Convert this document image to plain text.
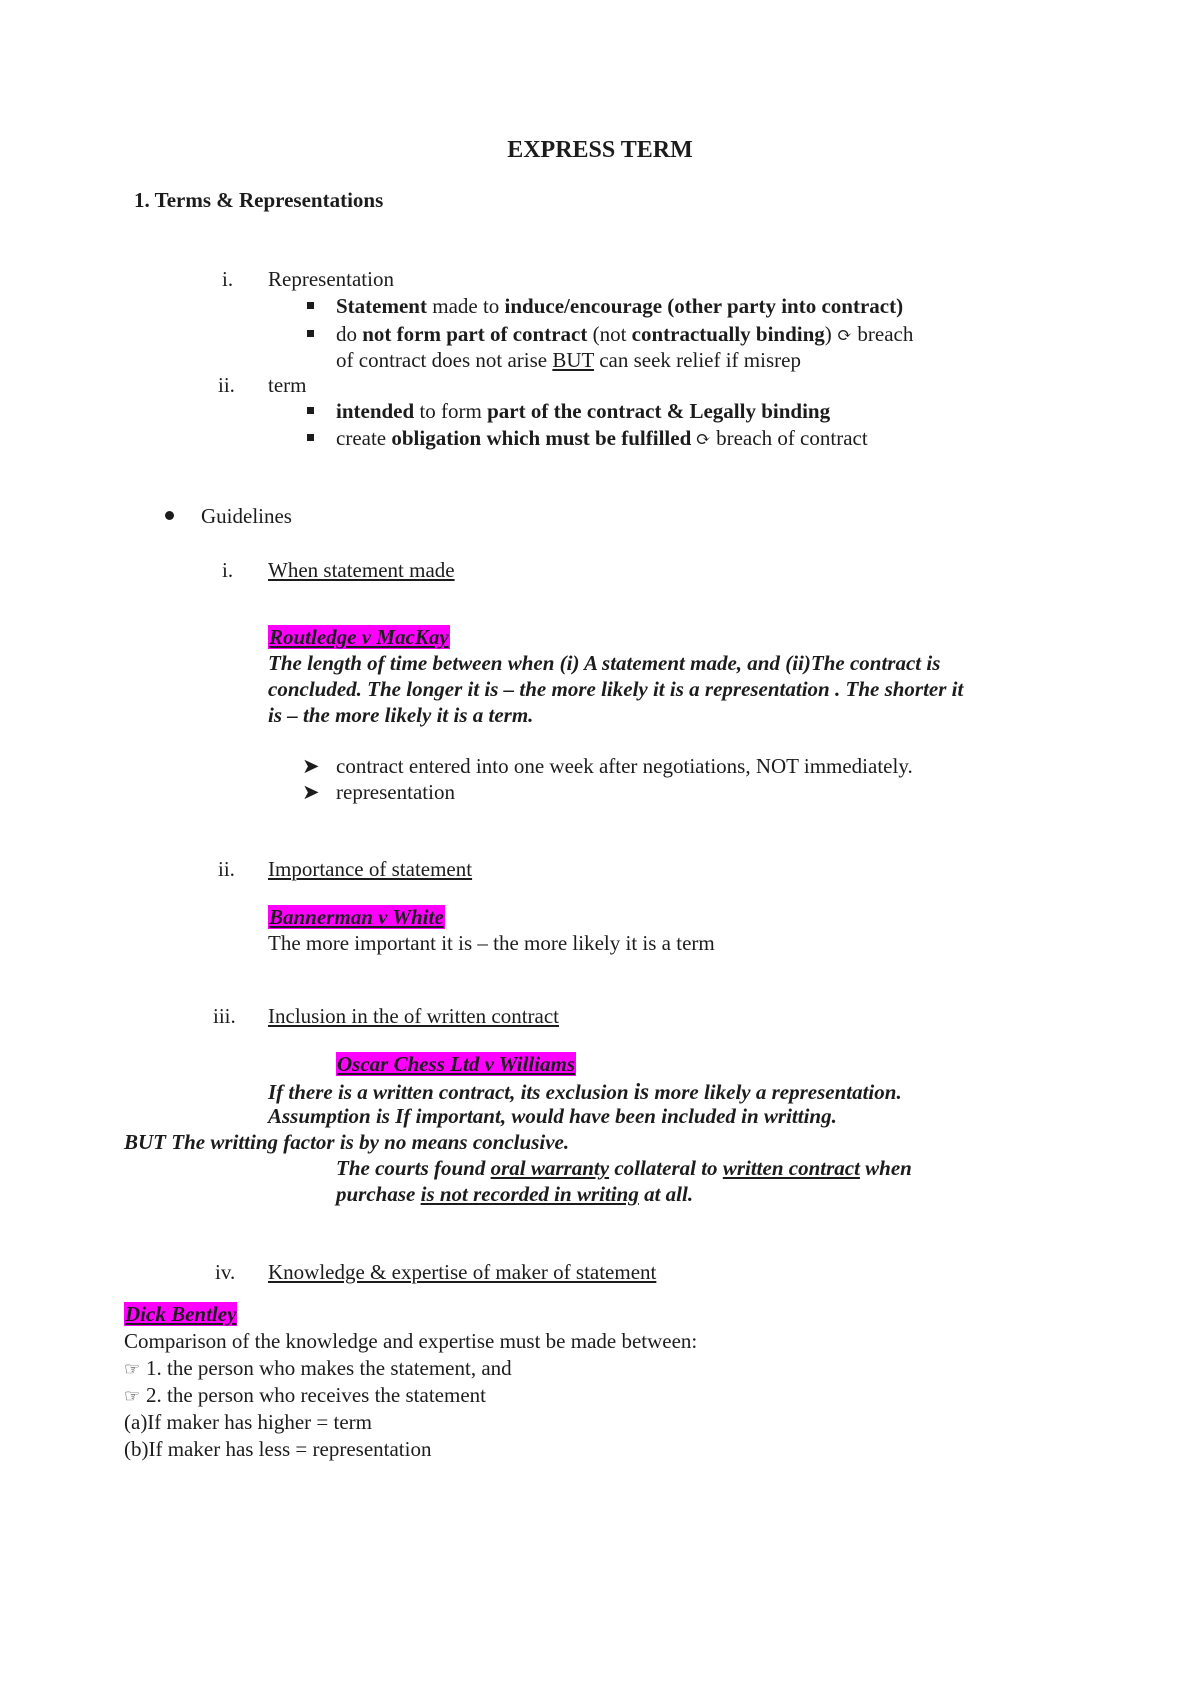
EXPRESS TERM
1. Terms & Representations
i. Representation
Statement made to induce/encourage (other party into contract)
do not form part of contract (not contractually binding) ⟳ breach
of contract does not arise BUT can seek relief if misrep
ii. term
intended to form part of the contract & Legally binding
create obligation which must be fulfilled ⟳ breach of contract
Guidelines
i. When statement made
Routledge v MacKay
The length of time between when (i) A statement made, and (ii)The contract is
concluded. The longer it is – the more likely it is a representation . The shorter it
is – the more likely it is a term.
➤ contract entered into one week after negotiations, NOT immediately.
➤ representation
ii. Importance of statement
Bannerman v White
The more important it is – the more likely it is a term
iii. Inclusion in the of written contract
Oscar Chess Ltd v Williams
If there is a written contract, its exclusion is more likely a representation.
Assumption is If important, would have been included in writting.
BUT The writting factor is by no means conclusive.
The courts found oral warranty collateral to written contract when
purchase is not recorded in writing at all.
iv. Knowledge & expertise of maker of statement
Dick Bentley
Comparison of the knowledge and expertise must be made between:
☞ 1. the person who makes the statement, and
☞ 2. the person who receives the statement
(a)If maker has higher = term
(b)If maker has less = representation
